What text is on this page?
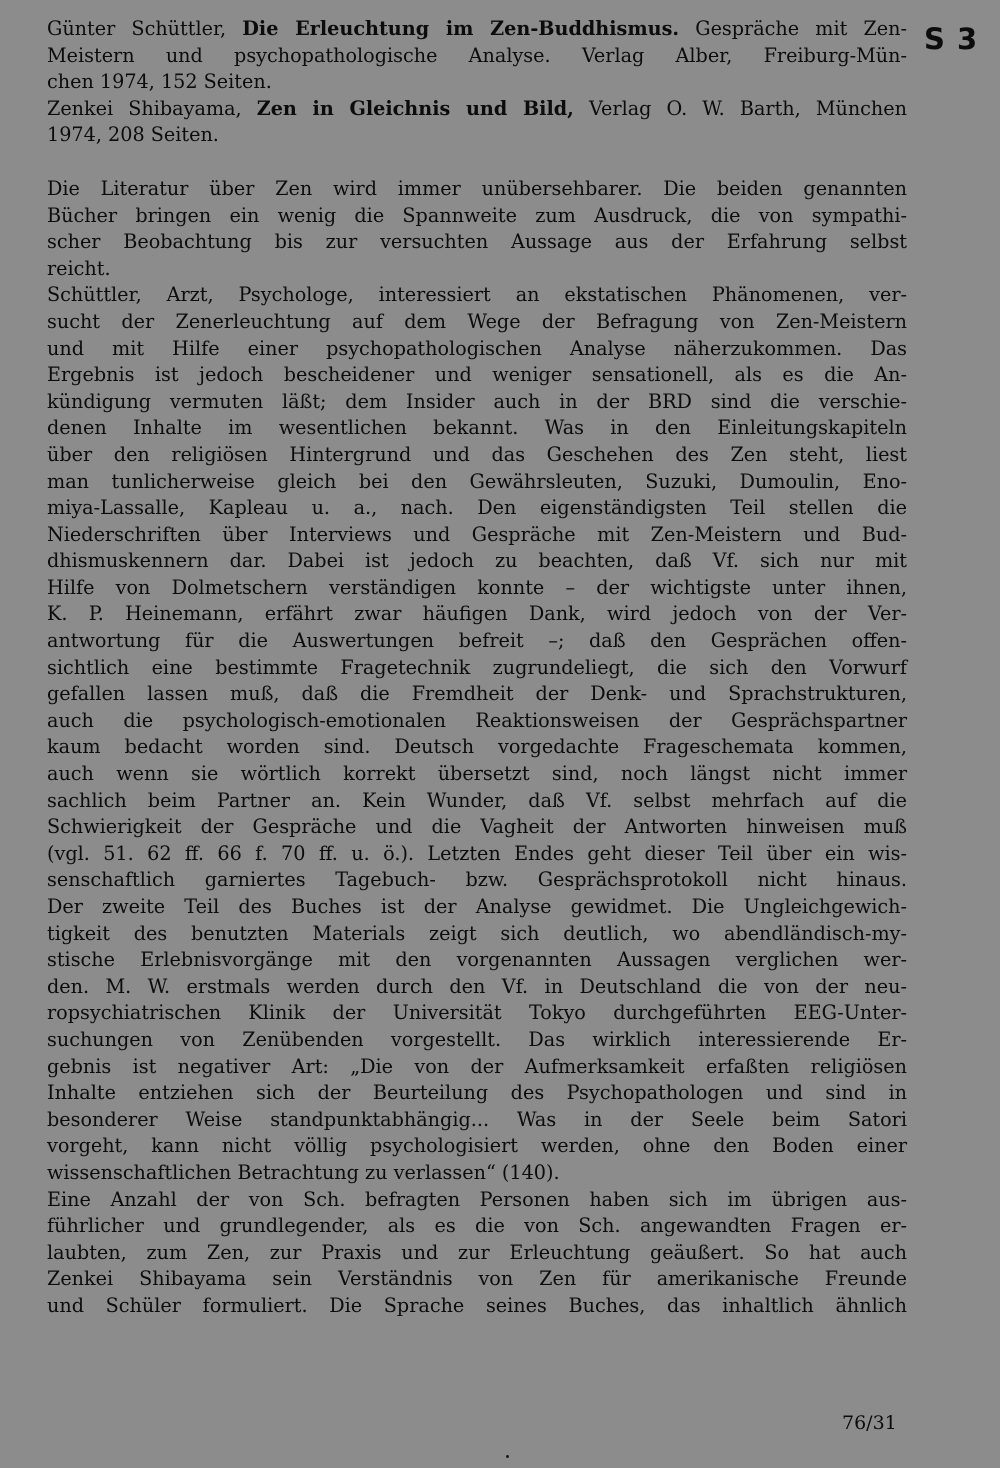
S 3
Günter Schüttler, Die Erleuchtung im Zen-Buddhismus. Gespräche mit Zen-
Meistern und psychopathologische Analyse. Verlag Alber, Freiburg-Mün-
chen 1974, 152 Seiten.
Zenkei Shibayama, Zen in Gleichnis und Bild, Verlag O. W. Barth, München
1974, 208 Seiten.
Die Literatur über Zen wird immer unübersehbarer. Die beiden genannten
Bücher bringen ein wenig die Spannweite zum Ausdruck, die von sympathi-
scher Beobachtung bis zur versuchten Aussage aus der Erfahrung selbst
reicht.
Schüttler, Arzt, Psychologe, interessiert an ekstatischen Phänomenen, ver-
sucht der Zenerleuchtung auf dem Wege der Befragung von Zen-Meistern
und mit Hilfe einer psychopathologischen Analyse näherzukommen. Das
Ergebnis ist jedoch bescheidener und weniger sensationell, als es die An-
kündigung vermuten läßt; dem Insider auch in der BRD sind die verschie-
denen Inhalte im wesentlichen bekannt. Was in den Einleitungskapiteln
über den religiösen Hintergrund und das Geschehen des Zen steht, liest
man tunlicherweise gleich bei den Gewährsleuten, Suzuki, Dumoulin, Eno-
miya-Lassalle, Kapleau u. a., nach. Den eigenständigsten Teil stellen die
Niederschriften über Interviews und Gespräche mit Zen-Meistern und Bud-
dhismuskennern dar. Dabei ist jedoch zu beachten, daß Vf. sich nur mit
Hilfe von Dolmetschern verständigen konnte – der wichtigste unter ihnen,
K. P. Heinemann, erfährt zwar häufigen Dank, wird jedoch von der Ver-
antwortung für die Auswertungen befreit –; daß den Gesprächen offen-
sichtlich eine bestimmte Fragetechnik zugrundeliegt, die sich den Vorwurf
gefallen lassen muß, daß die Fremdheit der Denk- und Sprachstrukturen,
auch die psychologisch-emotionalen Reaktionsweisen der Gesprächspartner
kaum bedacht worden sind. Deutsch vorgedachte Frageschemata kommen,
auch wenn sie wörtlich korrekt übersetzt sind, noch längst nicht immer
sachlich beim Partner an. Kein Wunder, daß Vf. selbst mehrfach auf die
Schwierigkeit der Gespräche und die Vagheit der Antworten hinweisen muß
(vgl. 51. 62 ff. 66 f. 70 ff. u. ö.). Letzten Endes geht dieser Teil über ein wis-
senschaftlich garniertes Tagebuch- bzw. Gesprächsprotokoll nicht hinaus.
Der zweite Teil des Buches ist der Analyse gewidmet. Die Ungleichgewich-
tigkeit des benutzten Materials zeigt sich deutlich, wo abendländisch-my-
stische Erlebnisvorgänge mit den vorgenannten Aussagen verglichen wer-
den. M. W. erstmals werden durch den Vf. in Deutschland die von der neu-
ropsychiatrischen Klinik der Universität Tokyo durchgeführten EEG-Unter-
suchungen von Zenübenden vorgestellt. Das wirklich interessierende Er-
gebnis ist negativer Art: „Die von der Aufmerksamkeit erfaßten religiösen
Inhalte entziehen sich der Beurteilung des Psychopathologen und sind in
besonderer Weise standpunktabhängig... Was in der Seele beim Satori
vorgeht, kann nicht völlig psychologisiert werden, ohne den Boden einer
wissenschaftlichen Betrachtung zu verlassen“ (140).
Eine Anzahl der von Sch. befragten Personen haben sich im übrigen aus-
führlicher und grundlegender, als es die von Sch. angewandten Fragen er-
laubten, zum Zen, zur Praxis und zur Erleuchtung geäußert. So hat auch
Zenkei Shibayama sein Verständnis von Zen für amerikanische Freunde
und Schüler formuliert. Die Sprache seines Buches, das inhaltlich ähnlich
76/31
